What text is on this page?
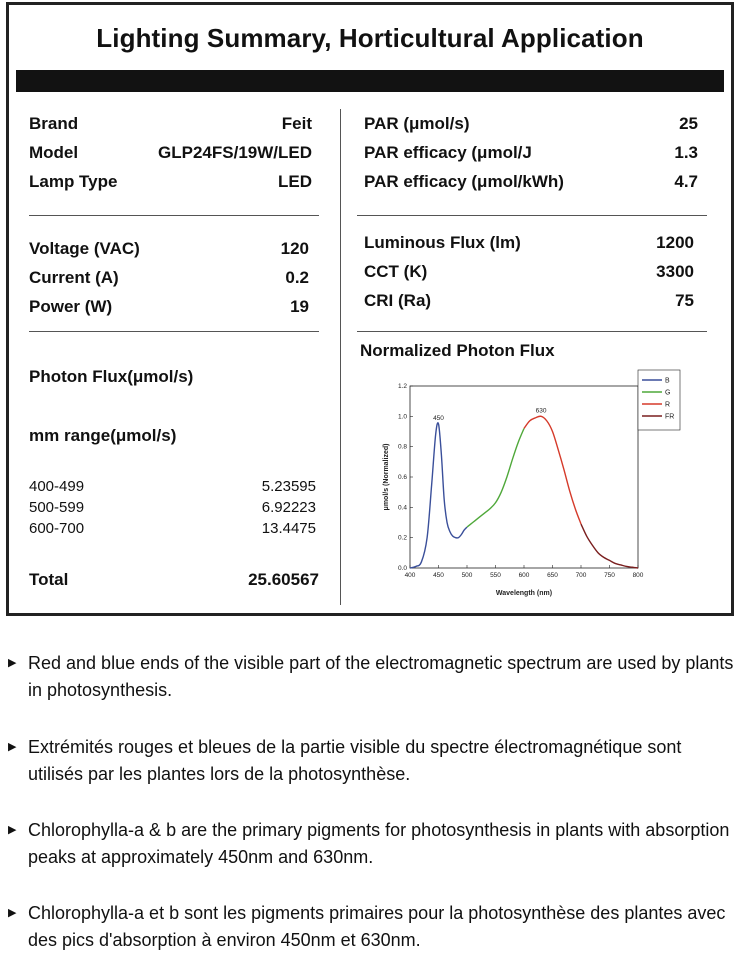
Lighting Summary, Horticultural Application
Brand	Feit
Model	GLP24FS/19W/LED
Lamp Type	LED
Voltage (VAC)	120
Current (A)	0.2
Power (W)	19
Photon Flux(μmol/s)
mm range(μmol/s)
400-499	5.23595
500-599	6.92223
600-700	13.4475
Total	25.60567
PAR (μmol/s)	25
PAR efficacy (μmol/J	1.3
PAR efficacy (μmol/kWh)	4.7
Luminous Flux (lm)	1200
CCT (K)	3300
CRI (Ra)	75
Normalized Photon Flux
400	450	500	550	600	650	700	750	800
0.0
0.2
0.4
0.6
0.8
1.0
1.2
Wavelength (nm)
μmol/s (Normalized)
450
630
B
G
R
FR
▶ Red and blue ends of the visible part of the electromagnetic spectrum are used by plants in photosynthesis.
▶ Extrémités rouges et bleues de la partie visible du spectre électromagnétique sont utilisés par les plantes lors de la photosynthèse.
▶ Chlorophylla-a & b are the primary pigments for photosynthesis in plants with absorption peaks at approximately 450nm and 630nm.
▶ Chlorophylla-a et b sont les pigments primaires pour la photosynthèse des plantes avec des pics d'absorption à environ 450nm et 630nm.
